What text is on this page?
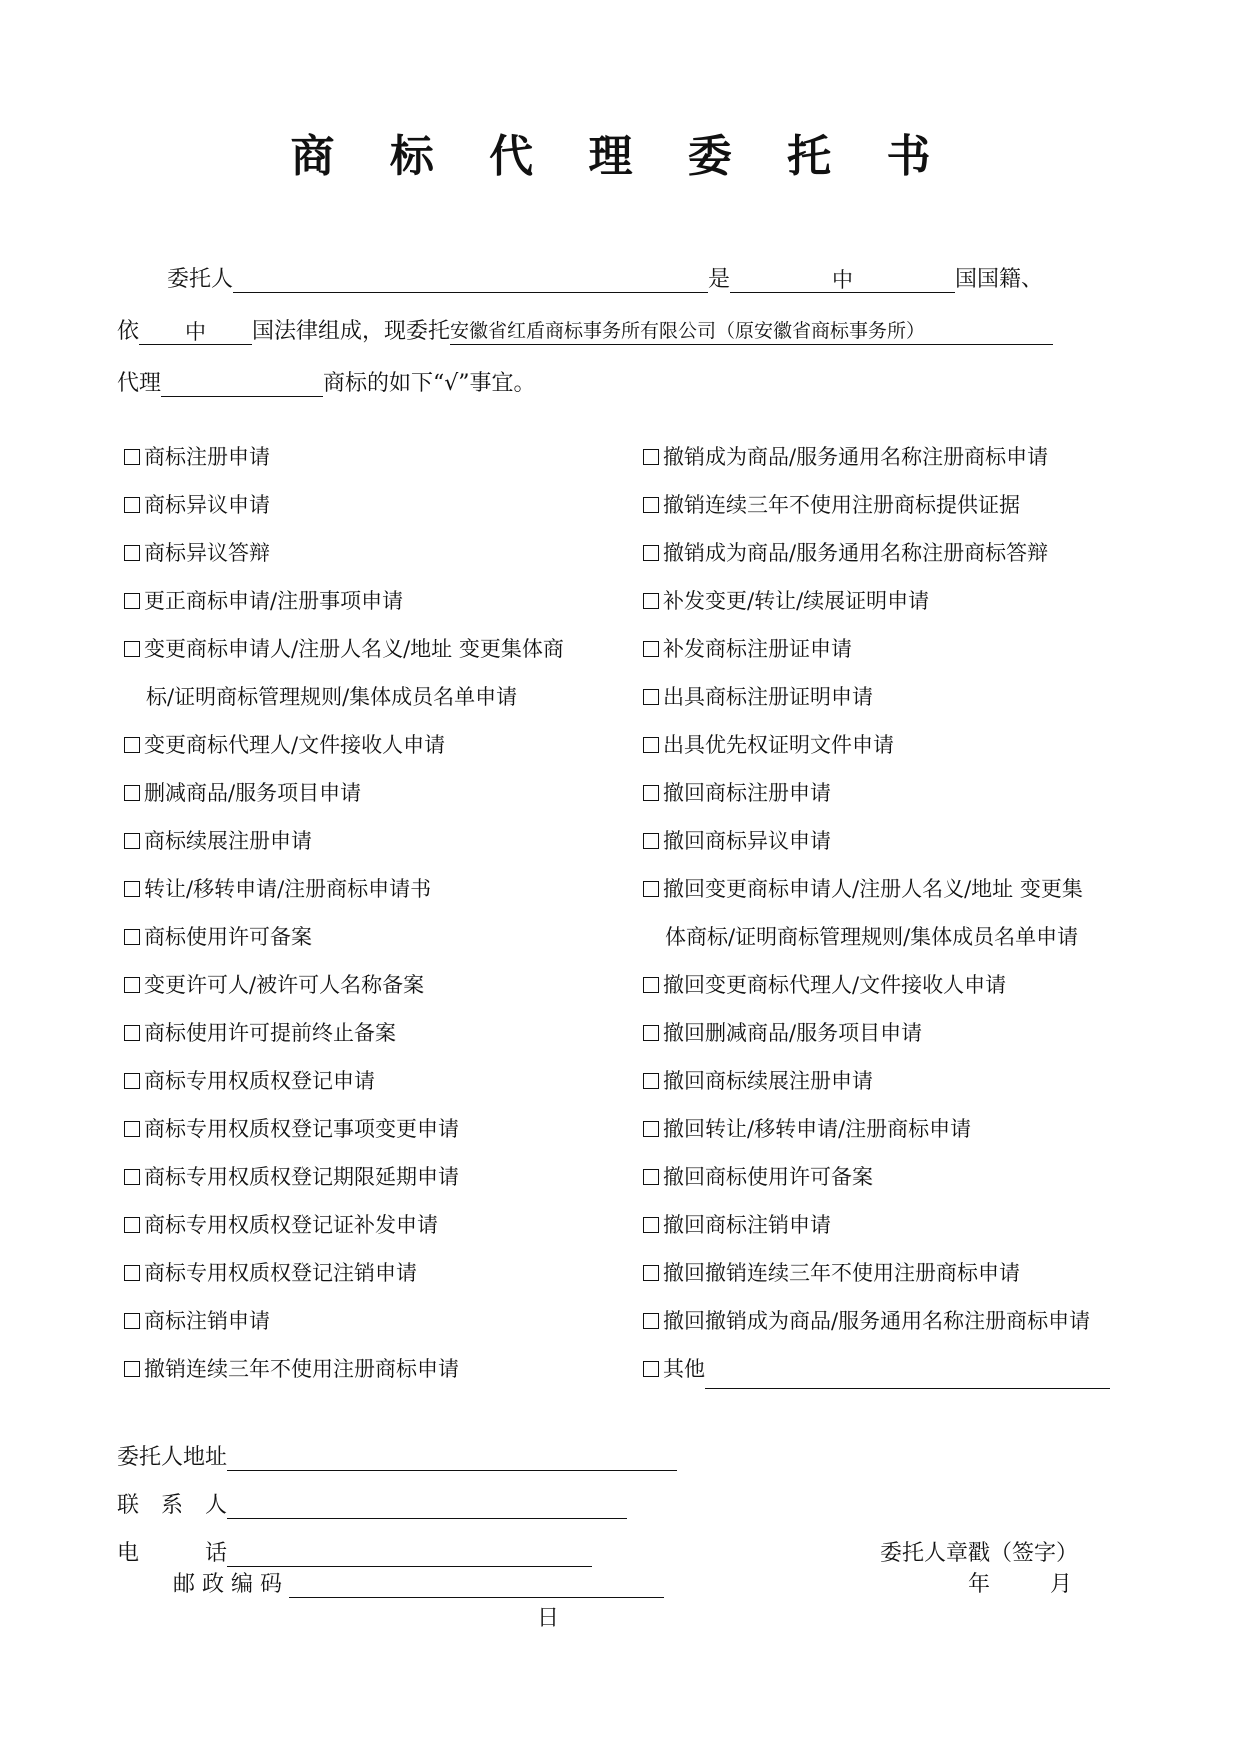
商 标 代 理 委 托 书
委托人	是	中	国国籍、
依 中 国法律组成，现委托安徽省红盾商标事务所有限公司（原安徽省商标事务所）
代理	商标的如下“√”事宜。
商标注册申请
商标异议申请
商标异议答辩
更正商标申请/注册事项申请
变更商标申请人/注册人名义/地址 变更集体商
标/证明商标管理规则/集体成员名单申请
变更商标代理人/文件接收人申请
删减商品/服务项目申请
商标续展注册申请
转让/移转申请/注册商标申请书
商标使用许可备案
变更许可人/被许可人名称备案
商标使用许可提前终止备案
商标专用权质权登记申请
商标专用权质权登记事项变更申请
商标专用权质权登记期限延期申请
商标专用权质权登记证补发申请
商标专用权质权登记注销申请
商标注销申请
撤销连续三年不使用注册商标申请
撤销成为商品/服务通用名称注册商标申请
撤销连续三年不使用注册商标提供证据
撤销成为商品/服务通用名称注册商标答辩
补发变更/转让/续展证明申请
补发商标注册证申请
出具商标注册证明申请
出具优先权证明文件申请
撤回商标注册申请
撤回商标异议申请
撤回变更商标申请人/注册人名义/地址 变更集
体商标/证明商标管理规则/集体成员名单申请
撤回变更商标代理人/文件接收人申请
撤回删减商品/服务项目申请
撤回商标续展注册申请
撤回转让/移转申请/注册商标申请
撤回商标使用许可备案
撤回商标注销申请
撤回撤销连续三年不使用注册商标申请
撤回撤销成为商品/服务通用名称注册商标申请
其他
委托人地址
联　系　人
电　　　话
邮 政 编 码
委托人章戳（签字）
年	月
日
